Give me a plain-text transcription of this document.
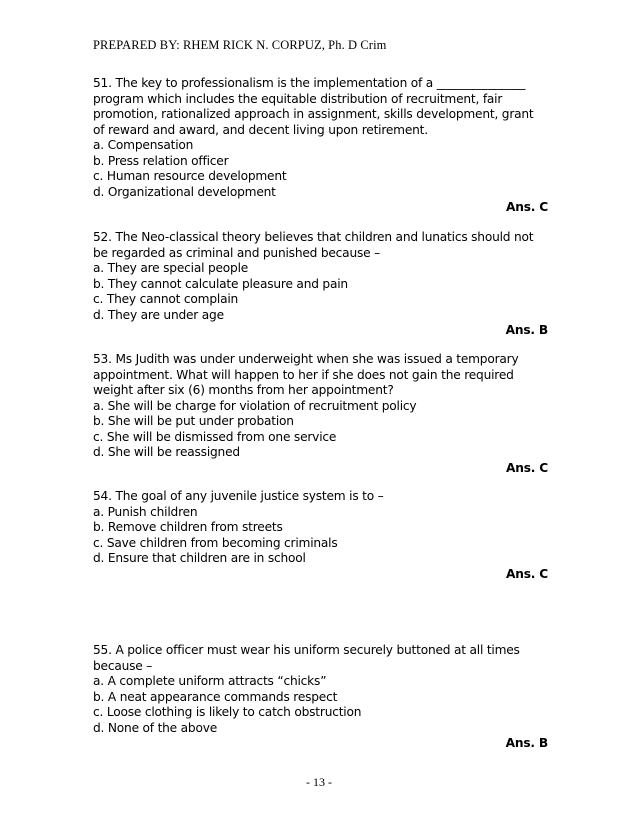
PREPARED BY: RHEM RICK N. CORPUZ, Ph. D Crim
51. The key to professionalism is the implementation of a _______________
program which includes the equitable distribution of recruitment, fair
promotion, rationalized approach in assignment, skills development, grant
of reward and award, and decent living upon retirement.
a. Compensation
b. Press relation officer
c. Human resource development
d. Organizational development
Ans. C
52. The Neo-classical theory believes that children and lunatics should not
be regarded as criminal and punished because –
a. They are special people
b. They cannot calculate pleasure and pain
c. They cannot complain
d. They are under age
Ans. B
53. Ms Judith was under underweight when she was issued a temporary
appointment. What will happen to her if she does not gain the required
weight after six (6) months from her appointment?
a. She will be charge for violation of recruitment policy
b. She will be put under probation
c. She will be dismissed from one service
d. She will be reassigned
Ans. C
54. The goal of any juvenile justice system is to –
a. Punish children
b. Remove children from streets
c. Save children from becoming criminals
d. Ensure that children are in school
Ans. C
55. A police officer must wear his uniform securely buttoned at all times
because –
a. A complete uniform attracts “chicks”
b. A neat appearance commands respect
c. Loose clothing is likely to catch obstruction
d. None of the above
Ans. B
- 13 -
